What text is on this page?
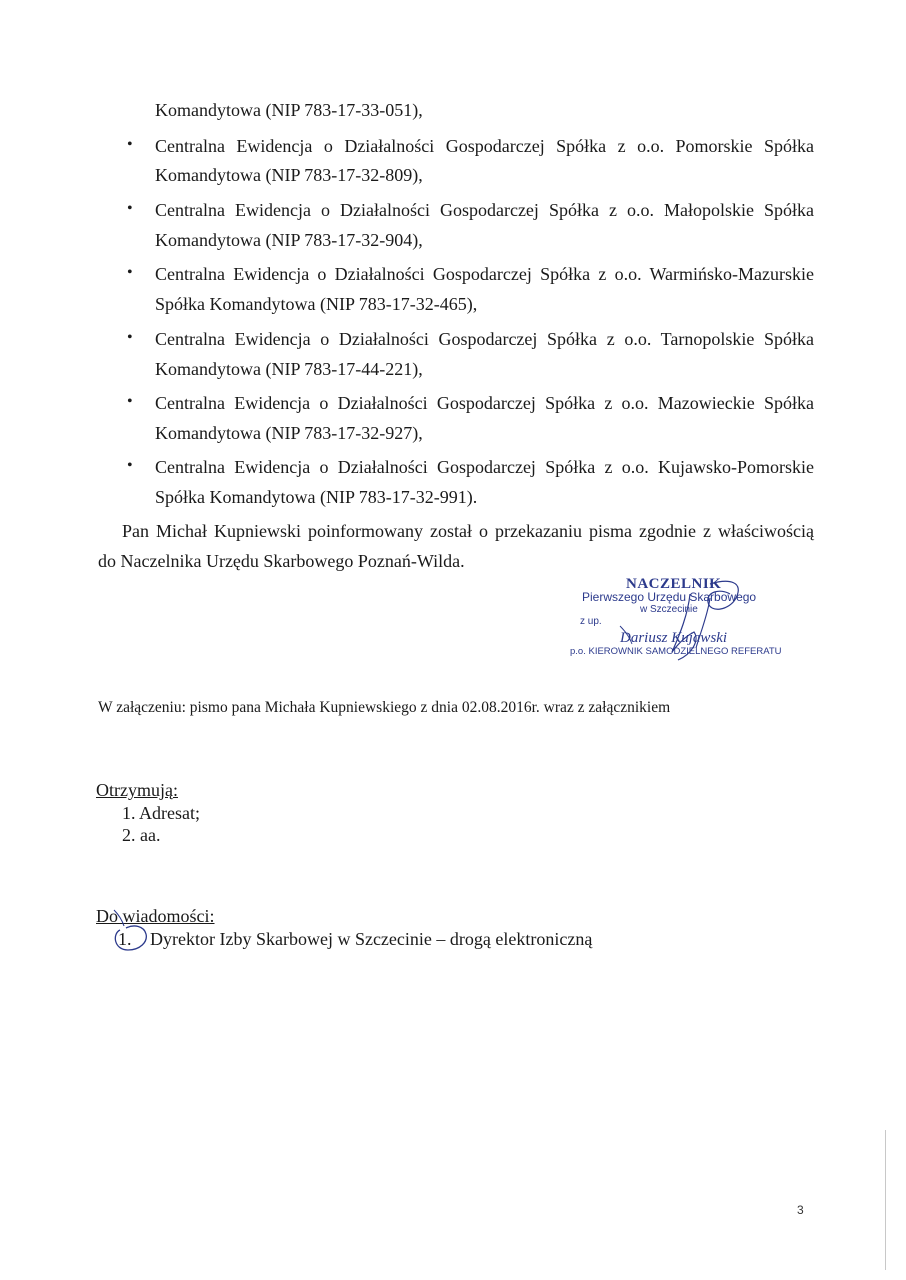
Komandytowa (NIP 783-17-33-051),
• Centralna Ewidencja o Działalności Gospodarczej Spółka z o.o. Pomorskie Spółka
Komandytowa (NIP 783-17-32-809),
• Centralna Ewidencja o Działalności Gospodarczej Spółka z o.o. Małopolskie Spółka
Komandytowa (NIP 783-17-32-904),
• Centralna Ewidencja o Działalności Gospodarczej Spółka z o.o. Warmińsko-Mazurskie
Spółka Komandytowa (NIP 783-17-32-465),
• Centralna Ewidencja o Działalności Gospodarczej Spółka z o.o. Tarnopolskie Spółka
Komandytowa (NIP 783-17-44-221),
• Centralna Ewidencja o Działalności Gospodarczej Spółka z o.o. Mazowieckie Spółka
Komandytowa (NIP 783-17-32-927),
• Centralna Ewidencja o Działalności Gospodarczej Spółka z o.o. Kujawsko-Pomorskie
Spółka Komandytowa (NIP 783-17-32-991).
Pan Michał Kupniewski poinformowany został o przekazaniu pisma zgodnie z właściwością
do Naczelnika Urzędu Skarbowego Poznań-Wilda.
NACZELNIK
Pierwszego Urzędu Skarbowego
w Szczecinie
z up.
Dariusz Kujawski
p.o. KIEROWNIK SAMODZIELNEGO REFERATU
W załączeniu: pismo pana Michała Kupniewskiego z dnia 02.08.2016r. wraz z załącznikiem
Otrzymują:
1. Adresat;
2. aa.
Do wiadomości:
1. Dyrektor Izby Skarbowej w Szczecinie – drogą elektroniczną
3
